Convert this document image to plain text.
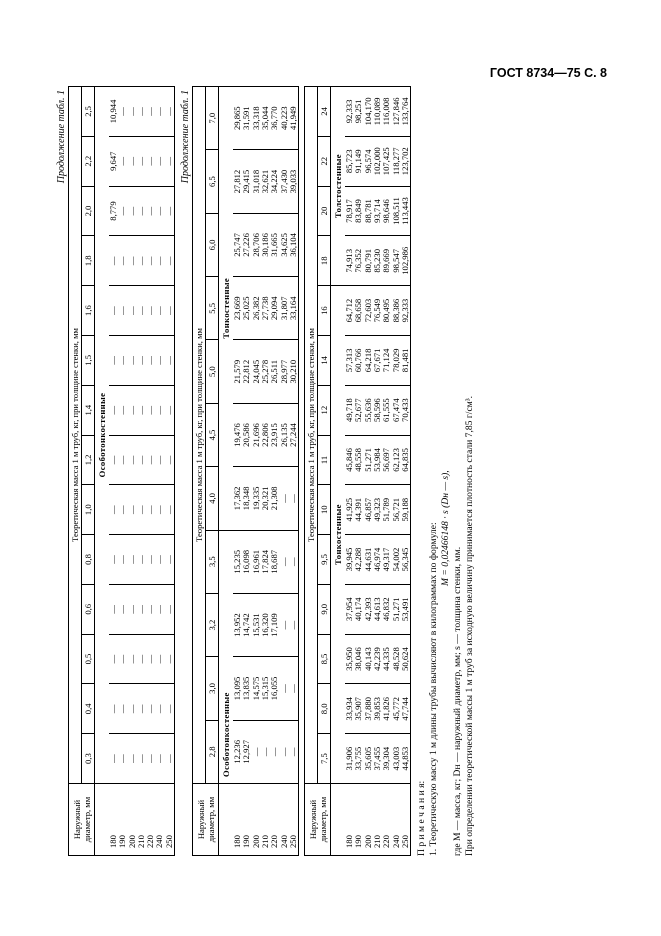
ГОСТ 8734—75 С. 8
Продолжение табл. 1
Наружный диаметр, мм	Теоретическая масса 1 м труб, кг, при толщине стенки, мм													
	0,3	0,4	0,5	0,6	0,8	1,0	1,2	1,4	1,5	1,6	1,8	2,0	2,2	2,5
	Особотонкостенные													
180	—	—	—	—	—	—	—	—	—	—	—	8,779	9,647	10,944
190	—	—	—	—	—	—	—	—	—	—	—	—	—	—
200	—	—	—	—	—	—	—	—	—	—	—	—	—	—
210	—	—	—	—	—	—	—	—	—	—	—	—	—	—
220	—	—	—	—	—	—	—	—	—	—	—	—	—	—
240	—	—	—	—	—	—	—	—	—	—	—	—	—	—
250	—	—	—	—	—	—	—	—	—	—	—	—	—	— Продолжение табл. 1
Наружный диаметр, мм	Теоретическая масса 1 м труб, кг, при толщине стенки, мм										
	2,8	3,0	3,2	3,5	4,0	4,5	5,0	5,5	6,0	6,5	7,0
	Особотонкостенные				Тонкостенные						
180	12,236	13,095	13,952	15,235	17,362	19,476	21,579	23,669	25,747	27,812	29,865
190	12,927	13,835	14,742	16,098	18,348	20,586	22,812	25,025	27,226	29,415	31,591
200	—	14,575	15,531	16,961	19,335	21,696	24,045	26,382	28,706	31,018	33,318
210	—	15,315	16,320	17,824	20,321	22,806	25,278	27,738	30,186	32,621	35,044
220	—	16,055	17,109	18,687	21,308	23,915	26,511	29,094	31,665	34,224	36,770
240	—	—	—	—	—	26,135	28,977	31,807	34,625	37,430	40,223
250	—	—	—	—	—	27,244	30,210	33,164	36,104	39,033	41,949
Наружный диаметр, мм	Теоретическая масса 1 м труб, кг, при толщине стенки, мм													
	7,5	8,0	8,5	9,0	9,5	10	11	12	14	16	18	20	22	24
	Тонкостенные										Толстостенные			
180	31,906	33,934	35,950	37,954	39,945	41,925	45,846	49,718	57,313	64,712	74,913	78,917	85,723	92,333
190	33,755	35,907	38,046	40,174	42,288	44,391	48,558	52,677	60,766	68,658	76,352	83,849	91,149	98,251
200	35,605	37,880	40,143	42,393	44,631	46,857	51,271	55,636	64,218	72,603	80,791	88,781	96,574	104,170
210	37,455	39,853	42,239	44,613	46,974	49,323	53,984	58,596	67,671	76,549	85,230	93,714	102,000	110,089
220	39,304	41,826	44,335	46,832	49,317	51,789	56,697	61,555	71,124	80,495	89,669	98,646	107,425	116,008
240	43,003	45,772	48,528	51,271	54,002	56,721	62,123	67,474	78,029	88,386	98,547	108,511	118,277	127,846
250	44,853	47,744	50,624	53,491	56,345	59,188	64,835	70,433	81,481	92,333	102,986	113,443	123,702	133,764

П р и м е ч а н и я: 1. Теоретическую массу 1 м длины трубы вычисляют в килограммах по формуле: M = 0,02466148 · s (Dн — s),

где M — масса, кг; Dн — наружный диаметр, мм; s — толщина стенки, мм. При определении теоретической массы 1 м труб за исходную величину принимается плотность стали 7,85 г/см³.
